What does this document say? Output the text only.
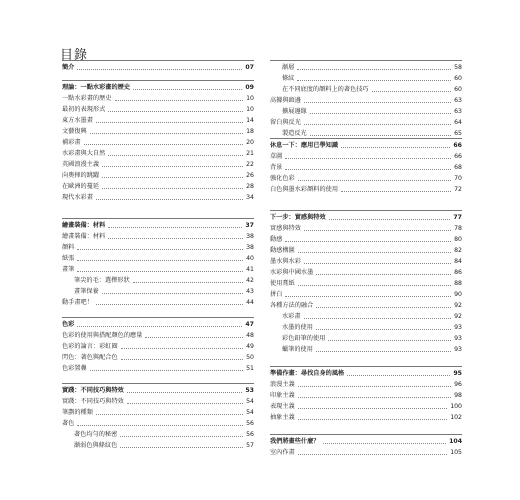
目錄
簡介	07
理論：一點水彩畫的歷史	09
一點水彩畫的歷史	10
最初的表現形式	10
東方水墨畫	14
文藝復興	18
補彩畫	20
水彩畫與大自然	21
英國浪漫主義	22
向奧揮的跳躍	26
在歐洲的蔓延	28
現代水彩畫	34
繪畫裝備：材料	37
繪畫裝備：材料	38
顏料	38
紙張	40
畫筆	41
筆尖的毛：選擇形狀	42
畫筆保養	43
動手畫吧！	44
色彩	47
色彩的使用與搭配顏色的應量	48
色彩的論言：彩虹圈	49
閃色：著色與配合色	50
色彩置疊	51
實踐：不同技巧與特效	53
實踐：不同技巧與特效	54
筆劃的種類	54
著色	56
著色均勻的秘密	56
漸弱色與條紋色	57
漸層	58
條紋	60
在不同底度的顏料上的著色技巧	60
高據與頭邊	63
擴展邊緣	63
留白與反光	64
製造反光	65
休息一下：應用已學知識	66
草圖	66
背景	68
強化色彩	70
白色與墨水彩顏料的使用	72
下一步：實感與特效	77
實感與特效	78
動感	80
動感構圖	82
墨水與水彩	84
水彩與中國水墨	86
使用膏紙	88
拼白	90
各種方法的融合	92
水彩畫	92
水墨的使用	93
彩色鉛筆的使用	93
蠟筆的使用	93
準備作畫：尋找自身的風格	95
浪漫主義	96
印象主義	98
表現主義	100
抽象主義	102
我們將畫些什麼？	104
室內作畫	105
